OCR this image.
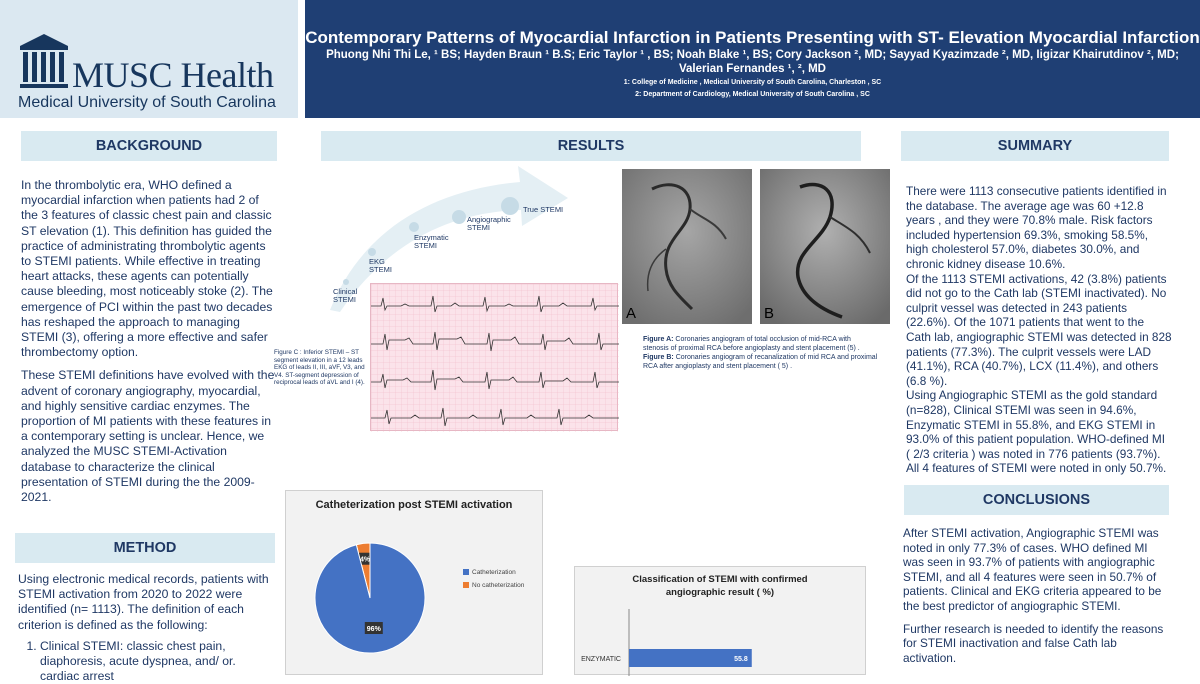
MUSC Health
Medical University of South Carolina
Contemporary Patterns of Myocardial Infarction in Patients Presenting with ST- Elevation Myocardial Infarction
Phuong Nhi Thi Le, ¹ BS; Hayden Braun ¹ B.S; Eric Taylor ¹ , BS; Noah Blake ¹, BS; Cory Jackson ², MD; Sayyad Kyazimzade ², MD, Iigizar Khairutdinov ², MD;
Valerian Fernandes ¹, ², MD
1: College of Medicine , Medical University of South Carolina, Charleston , SC
2: Department of Cardiology, Medical University of South Carolina , SC
BACKGROUND

In the thrombolytic era, WHO defined a myocardial infarction when patients had 2 of the 3 features of classic chest pain and classic ST elevation (1). This definition has guided the practice of administrating thrombolytic agents to STEMI patients. While effective in treating heart attacks, these agents can potentially cause bleeding, most noticeably stoke (2). The emergence of PCI within the past two decades has reshaped the approach to managing STEMI (3), offering a more effective and safer thrombectomy option.

These STEMI definitions have evolved with the advent of coronary angiography, myocardial, and highly sensitive cardiac enzymes. The proportion of MI patients with these features in a contemporary setting is unclear. Hence, we analyzed the MUSC STEMI-Activation database to characterize the clinical presentation of STEMI during the the 2009-2021.

METHOD

Using electronic medical records, patients with STEMI activation from 2020 to 2022 were identified (n= 1113). The definition of each criterion is defined as the following:

1. Clinical STEMI: classic chest pain, diaphoresis, acute dyspnea, and/ or. cardiac arrest
RESULTS
Clinical STEMI
EKG STEMI
Enzymatic STEMI
Angiographic STEMI
True STEMI
Figure C : Inferior STEMI – ST segment elevation in a 12 leads EKG of leads II, III, aVF, V3, and V4. ST-segment depression of reciprocal leads of aVL and I (4).
A	B
Figure A: Coronaries angiogram of total occlusion of mid-RCA with stenosis of proximal RCA before angioplasty and stent placement (5) .
Figure B: Coronaries angiogram of recanalization of mid RCA and proximal RCA after angioplasty and stent placement ( 5) .
Catheterization post STEMI activation
4%
96%
Catheterization
No catheterization
Classification of STEMI with confirmed angiographic result ( %)
ENZYMATIC	55.8
SUMMARY
There were 1113 consecutive patients identified in the database. The average age was 60 +12.8 years , and they were 70.8% male. Risk factors included hypertension 69.3%, smoking 58.5%, high cholesterol 57.0%, diabetes 30.0%, and chronic kidney disease 10.6%.
Of the 1113 STEMI activations, 42 (3.8%) patients did not go to the Cath lab (STEMI inactivated). No culprit vessel was detected in 243 patients (22.6%). Of the 1071 patients that went to the Cath lab, angiographic STEMI was detected in 828 patients (77.3%). The culprit vessels were LAD (41.1%), RCA (40.7%), LCX (11.4%), and others (6.8 %).
Using Angiographic STEMI as the gold standard (n=828), Clinical STEMI was seen in 94.6%, Enzymatic STEMI in 55.8%, and EKG STEMI in 93.0% of this patient population. WHO-defined MI ( 2/3 criteria ) was noted in 776 patients (93.7%). All 4 features of STEMI were noted in only 50.7%.
CONCLUSIONS

After STEMI activation, Angiographic STEMI was noted in only 77.3% of cases. WHO defined MI was seen in 93.7% of patients with angiographic STEMI, and all 4 features were seen in 50.7% of patients. Clinical and EKG criteria appeared to be the best predictor of angiographic STEMI.

Further research is needed to identify the reasons for STEMI inactivation and false Cath lab activation.
